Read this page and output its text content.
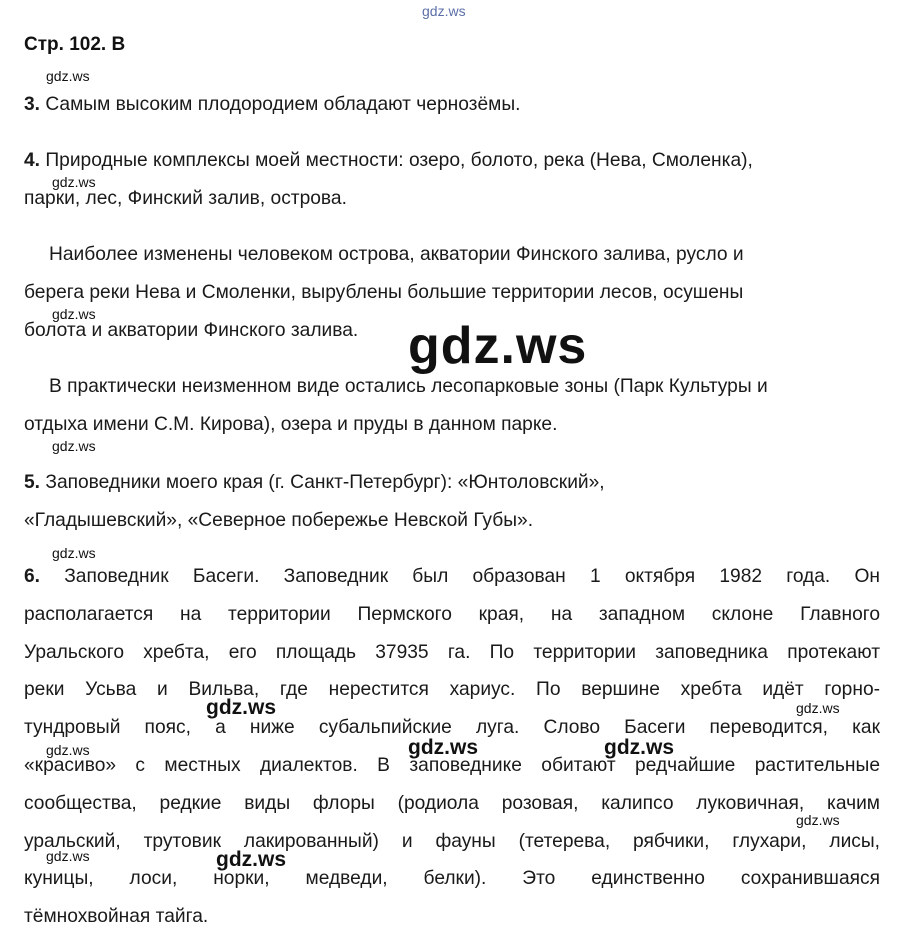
gdz.ws
Стр. 102. В
gdz.ws
3. Самым высоким плодородием обладают чернозёмы.
4. Природные комплексы моей местности: озеро, болото, река (Нева, Смоленка),
парки, лес, Финский залив, острова.
gdz.ws
Наиболее изменены человеком острова, акватории Финского залива, русло и
берега реки Нева и Смоленки, вырублены большие территории лесов, осушены
болота и акватории Финского залива.
gdz.ws
gdz.ws
В практически неизменном виде остались лесопарковые зоны (Парк Культуры и
отдыха имени С.М. Кирова), озера и пруды в данном парке.
gdz.ws
5. Заповедники моего края (г. Санкт-Петербург): «Юнтоловский»,
«Гладышевский», «Северное побережье Невской Губы».
gdz.ws
6. Заповедник Басеги. Заповедник был образован 1 октября 1982 года. Он
располагается на территории Пермского края, на западном склоне Главного
Уральского хребта, его площадь 37935 га. По территории заповедника протекают
реки Усьва и Вильва, где нерестится хариус. По вершине хребта идёт горно-
тундровый пояс, а ниже субальпийские луга. Слово Басеги переводится, как
«красиво» с местных диалектов. В заповеднике обитают редчайшие растительные
сообщества, редкие виды флоры (родиола розовая, калипсо луковичная, качим
уральский, трутовик лакированный) и фауны (тетерева, рябчики, глухари, лисы,
куницы, лоси, норки, медведи, белки). Это единственно сохранившаяся
тёмнохвойная тайга.
gdz.ws	gdz.ws
gdz.ws	gdz.ws	gdz.ws
gdz.ws
gdz.ws	gdz.ws
